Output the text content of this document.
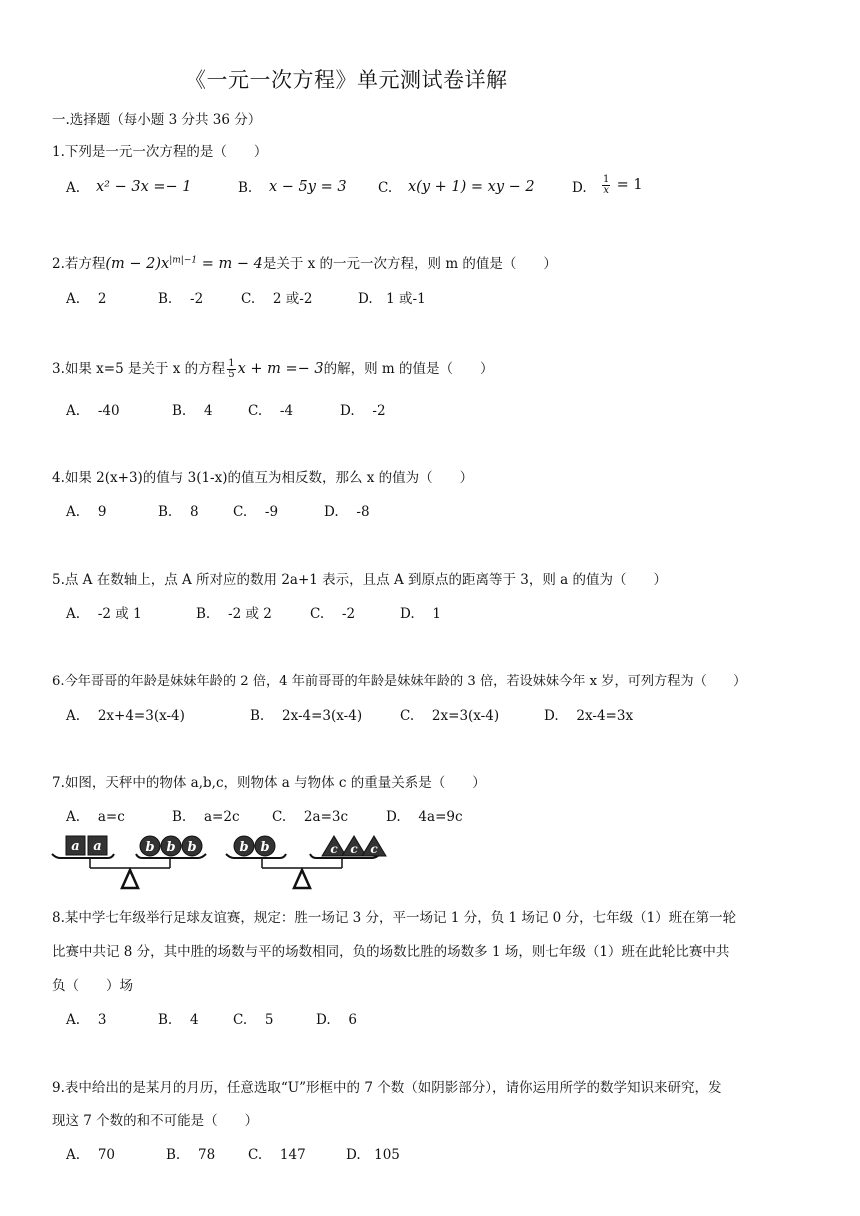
《一元一次方程》单元测试卷详解
一.选择题（每小题 3 分共 36 分）
1.下列是一元一次方程的是（　　）
A. x² − 3x =− 1	B. x − 5y = 3 C. x(y + 1) = xy − 2	D. $\frac{1}{x} = 1$
2.若方程$(m - 2)x^{|m|-1} = m - 4$是关于 x 的一元一次方程，则 m 的值是（　　）
A.　 2	B.　 -2	C.　 2 或-2	D.　1 或-1
3.如果 x=5 是关于 x 的方程 $\frac{1}{5}$ x + m =− 3的解，则 m 的值是（　　）
A.　 -40	B.　 4	C.　 -4	D.　 -2
4.如果 2(x+3)的值与 3(1-x)的值互为相反数，那么 x 的值为（　　）
A.　 9	B.　 8	C.　 -9	D.　 -8
5.点 A 在数轴上，点 A 所对应的数用 2a+1 表示，且点 A 到原点的距离等于 3，则 a 的值为（　　）
A.　 -2 或 1	B.　 -2 或 2	C.　 -2	D.　 1
6.今年哥哥的年龄是妹妹年龄的 2 倍，4 年前哥哥的年龄是妹妹年龄的 3 倍，若设妹妹今年 x 岁，可列方程为（　　）
A.　 2x+4=3(x-4)	B.　 2x-4=3(x-4)	C.　 2x=3(x-4)	D.　 2x-4=3x
7.如图，天秤中的物体 a,b,c，则物体 a 与物体 c 的重量关系是（　　）
A.　 a=c	B.　 a=2c C.　 2a=3c	D.　 4a=9c
a a	b b b	b b	c c c
8.某中学七年级举行足球友谊赛，规定：胜一场记 3 分，平一场记 1 分，负 1 场记 0 分，七年级（1）班在第一轮
比赛中共记 8 分，其中胜的场数与平的场数相同，负的场数比胜的场数多 1 场，则七年级（1）班在此轮比赛中共
负（　　）场
A.　 3	B.　 4	C.　 5	D.　 6
9.表中给出的是某月的月历，任意选取“U”形框中的 7 个数（如阴影部分），请你运用所学的数学知识来研究，发
现这 7 个数的和不可能是（　　）
A.　 70	B.　 78 C.　 147	D.　105
